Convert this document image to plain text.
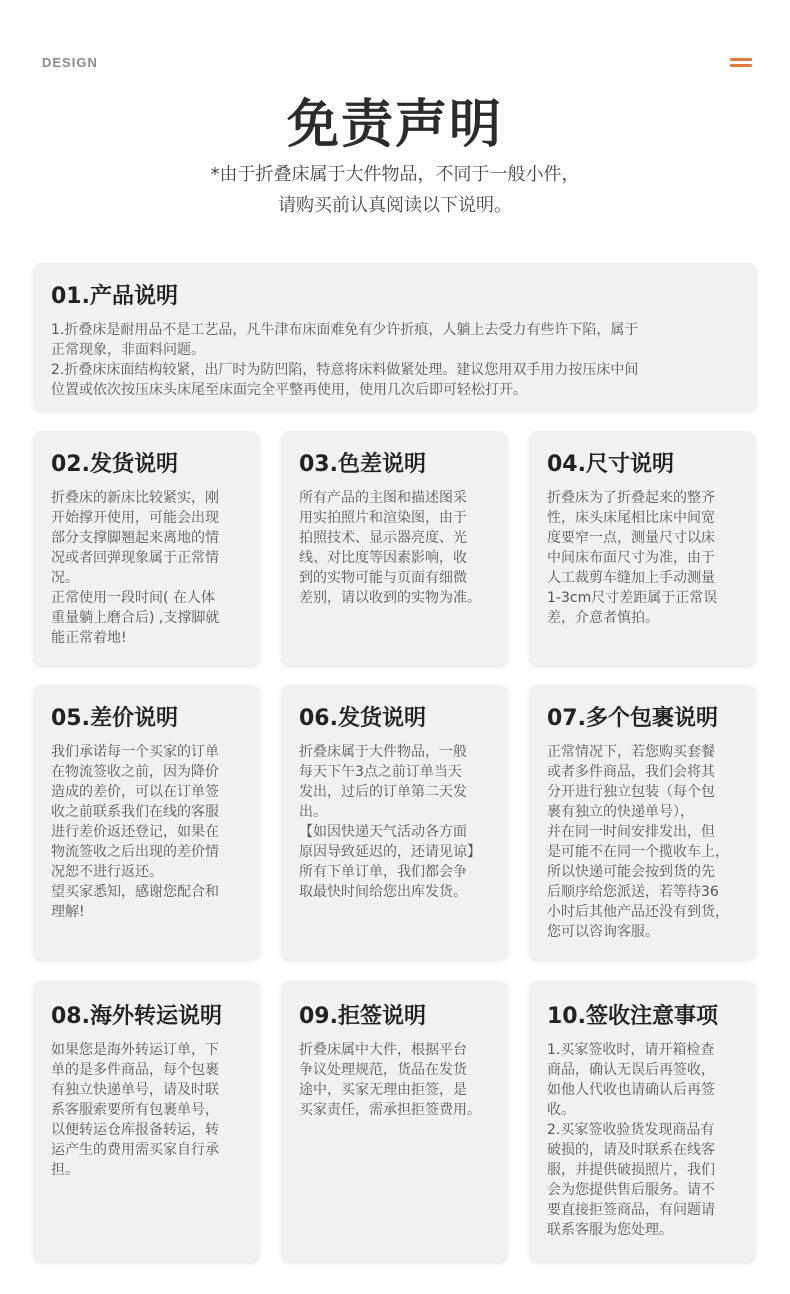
DESIGN
免责声明
*由于折叠床属于大件物品，不同于一般小件，
请购买前认真阅读以下说明。
01.产品说明

1.折叠床是耐用品不是工艺品，凡牛津布床面难免有少许折痕，人躺上去受力有些许下陷，属于

正常现象，非面料问题。

2.折叠床床面结构较紧，出厂时为防凹陷，特意将床料做紧处理。建议您用双手用力按压床中间

位置或依次按压床头床尾至床面完全平整再使用，使用几次后即可轻松打开。

02.发货说明

折叠床的新床比较紧实，刚

开始撑开使用，可能会出现

部分支撑脚翘起来离地的情

况或者回弹现象属于正常情

况。

正常使用一段时间( 在人体

重量躺上磨合后) ,支撑脚就

能正常着地!

03.色差说明

所有产品的主图和描述图采

用实拍照片和渲染图，由于

拍照技术、显示器亮度、光

线、对比度等因素影响，收

到的实物可能与页面有细微

差别，请以收到的实物为准。

04.尺寸说明

折叠床为了折叠起来的整齐

性，床头床尾相比床中间宽

度要窄一点，测量尺寸以床

中间床布面尺寸为准，由于

人工裁剪车缝加上手动测量

1-3cm尺寸差距属于正常误

差，介意者慎拍。

05.差价说明

我们承诺每一个买家的订单

在物流签收之前，因为降价

造成的差价，可以在订单签

收之前联系我们在线的客服

进行差价返还登记，如果在

物流签收之后出现的差价情

况恕不进行返还。

望买家悉知，感谢您配合和

理解!

06.发货说明

折叠床属于大件物品，一般

每天下午3点之前订单当天

发出，过后的订单第二天发

出。

【如因快递天气活动各方面

原因导致延迟的，还请见谅】

所有下单订单，我们都会争

取最快时间给您出库发货。

07.多个包裹说明

正常情况下，若您购买套餐

或者多件商品，我们会将其

分开进行独立包装（每个包

裹有独立的快递单号），

并在同一时间安排发出，但

是可能不在同一个揽收车上，

所以快递可能会按到货的先

后顺序给您派送，若等待36

小时后其他产品还没有到货，

您可以咨询客服。

08.海外转运说明

如果您是海外转运订单，下

单的是多件商品，每个包裹

有独立快递单号，请及时联

系客服索要所有包裹单号，

以便转运仓库报备转运，转

运产生的费用需买家自行承

担。

09.拒签说明

折叠床属中大件，根据平台

争议处理规范，货品在发货

途中，买家无理由拒签，是

买家责任，需承担拒签费用。

10.签收注意事项

1.买家签收时，请开箱检查

商品，确认无误后再签收，

如他人代收也请确认后再签

收。

2.买家签收验货发现商品有

破损的，请及时联系在线客

服，并提供破损照片，我们

会为您提供售后服务。请不

要直接拒签商品，有问题请

联系客服为您处理。
